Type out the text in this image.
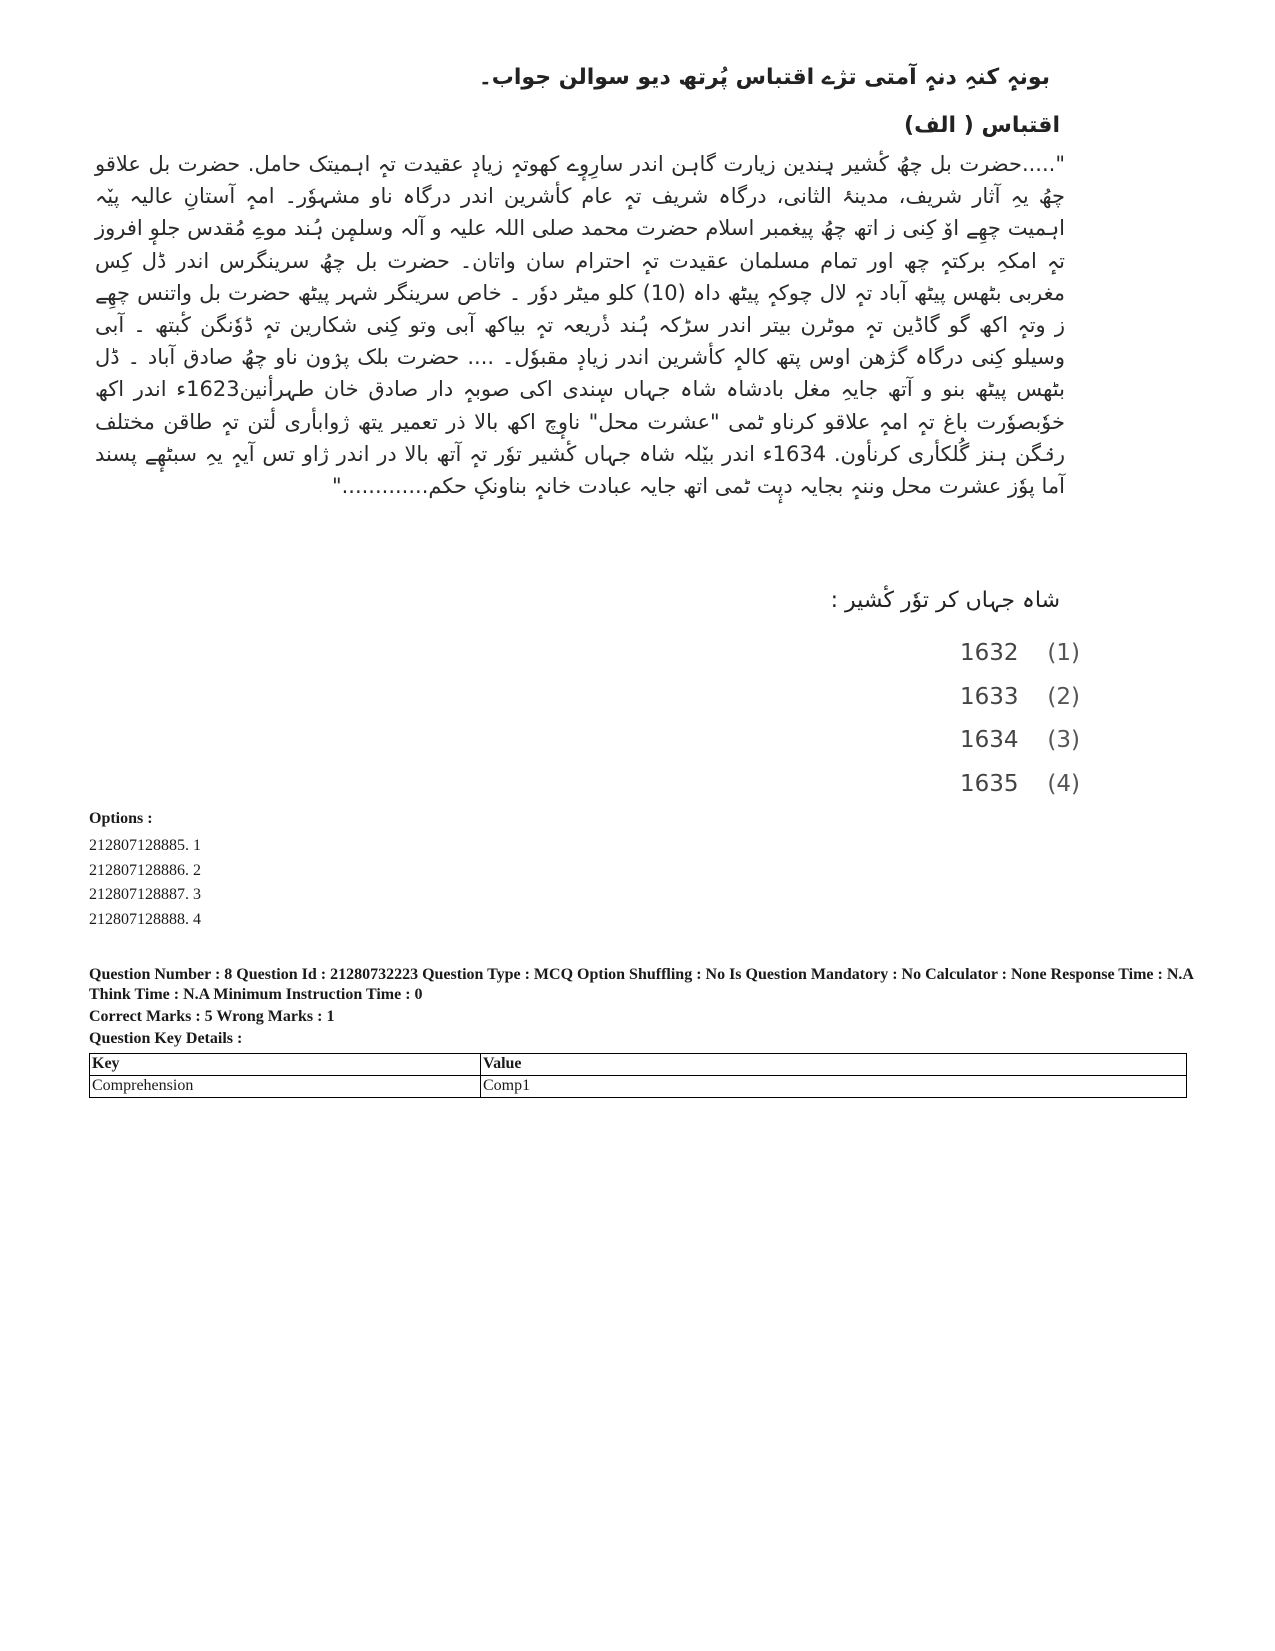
بونہٕ کنہِ دنہٕ آمتی تژے اقتباس پُرتھ دیو سوالن جواب۔
اقتباس ( الف)
".....حضرت بل چھُ کٔشیر ہِندین زیارت گاہن اندر سارِوٕے کھوتہٕ زیادٕ عقیدت تہٕ اہمیتک حامل. حضرت بل علاقو چھُ یہِ آثار شریف، مدینۂ الثانی، درگاہ شریف تہٕ عام کأشرین اندر درگاہ ناو مشہوٗر۔ امہٕ آستانِ عالیہ پیٚہ اہمیت چھِے اوٚ کِنی ز اتھ چھُ پیغمبر اسلام حضرت محمد صلی اللہ علیہ و آلہ وسلمٕن ہُند موےِ مُقدس جلوٕ افروز تہٕ امکہِ برکتہٕ چھ اور تمام مسلمان عقیدت تہٕ احترام سان واتان۔ حضرت بل چھُ سرینگرس اندر ڈل کِس مغربی بٹھس پیٹھ آباد تہٕ لال چوکہٕ پیٹھ داہ (10) کلو میٹر دوٗر ۔ خاص سرینگر شہر پیٹھ حضرت بل واتنس چھِے ز وتہٕ اکھ گو گاڈین تہٕ موٹرن بیتر اندر سڑکہ ہُند ذٔریعہ تہٕ بیاکھ آبی وتو کِنی شکارین تہٕ ڈوٗنگن کٔبتھ ۔ آبی وسیلو کِنی درگاہ گژھن اوس پتھ کالہٕ کأشرین اندر زیادٕ مقبوٗل۔ .... حضرت بلک پرٛون ناو چھُ صادق آباد ۔ ڈل بٹھس پیٹھ بنو و آتھ جایہِ مغل بادشاہ شاہ جہاں سٕندی اکی صوبہٕ دار صادق خان طہرأنین1623ء اندر اکھ خوٗبصوٗرت باغ تہٕ امہٕ علاقو کرناو ٹمی "عشرت محل" ناوٕچ اکھ بالا ذر تعمیر یتھ ژوابأری لٔتن تہٕ طاقن مختلف رنٛگن ہنز گُلکأری کرنأون. 1634ء اندر بیٚلہ شاہ جہاں کٔشیر توٗر تہٕ آتھ بالا در اندر ژاو تس آیہٕ یہِ سبٹھٕے پسند آما پوٗز عشرت محل وننہٕ بجایہ دپٕت ٹمی اتھ جایہ عبادت خانہٕ بناونکٕ حکم............."
شاہ جہاں کر توٗر کٔشیر :
1632	(1)
1633	(2)
1634	(3)
1635	(4)
Options :
212807128885. 1
212807128886. 2
212807128887. 3
212807128888. 4
Question Number : 8 Question Id : 21280732223 Question Type : MCQ Option Shuffling : No Is Question Mandatory : No Calculator : None Response Time : N.A Think Time : N.A Minimum Instruction Time : 0
Correct Marks : 5 Wrong Marks : 1
Question Key Details :
Key	Value
Comprehension	Comp1
